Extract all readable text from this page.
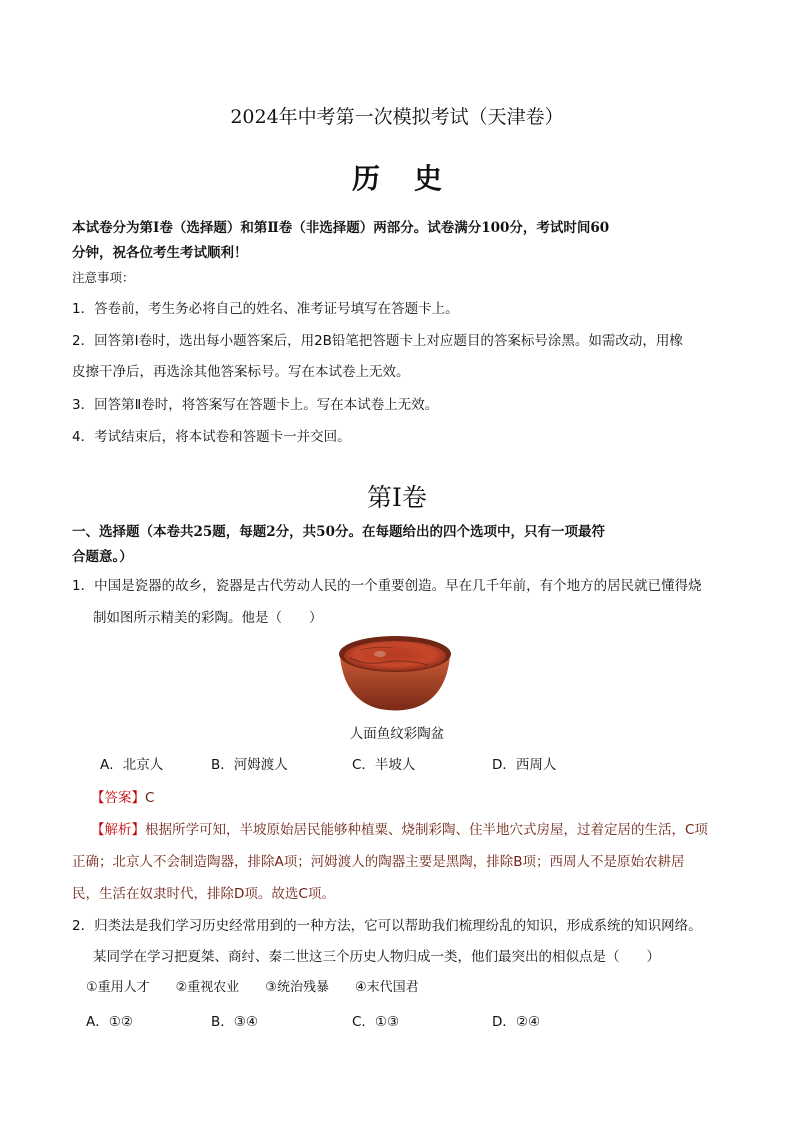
2024年中考第一次模拟考试（天津卷）
历史
本试卷分为第Ⅰ卷（选择题）和第Ⅱ卷（非选择题）两部分。试卷满分100分，考试时间60
分钟，祝各位考生考试顺利！
注意事项：
1．答卷前，考生务必将自己的姓名、准考证号填写在答题卡上。
2．回答第Ⅰ卷时，选出每小题答案后，用2B铅笔把答题卡上对应题目的答案标号涂黑。如需改动，用橡
皮擦干净后，再选涂其他答案标号。写在本试卷上无效。
3．回答第Ⅱ卷时，将答案写在答题卡上。写在本试卷上无效。
4．考试结束后，将本试卷和答题卡一并交回。
第Ⅰ卷
一、选择题（本卷共25题，每题2分，共50分。在每题给出的四个选项中，只有一项最符
合题意。）
1．中国是瓷器的故乡，瓷器是古代劳动人民的一个重要创造。早在几千年前，有个地方的居民就已懂得烧
制如图所示精美的彩陶。他是（　　）
人面鱼纹彩陶盆
A．北京人	B．河姆渡人	C．半坡人	D．西周人
【答案】C
【解析】根据所学可知，半坡原始居民能够种植粟、烧制彩陶、住半地穴式房屋，过着定居的生活，C项
正确；北京人不会制造陶器，排除A项；河姆渡人的陶器主要是黑陶，排除B项；西周人不是原始农耕居
民，生活在奴隶时代，排除D项。故选C项。
2．归类法是我们学习历史经常用到的一种方法，它可以帮助我们梳理纷乱的知识，形成系统的知识网络。
某同学在学习把夏桀、商纣、秦二世这三个历史人物归成一类，他们最突出的相似点是（　　）
①重用人才　　②重视农业　　③统治残暴　　④末代国君
A．①②	B．③④	C．①③	D．②④
